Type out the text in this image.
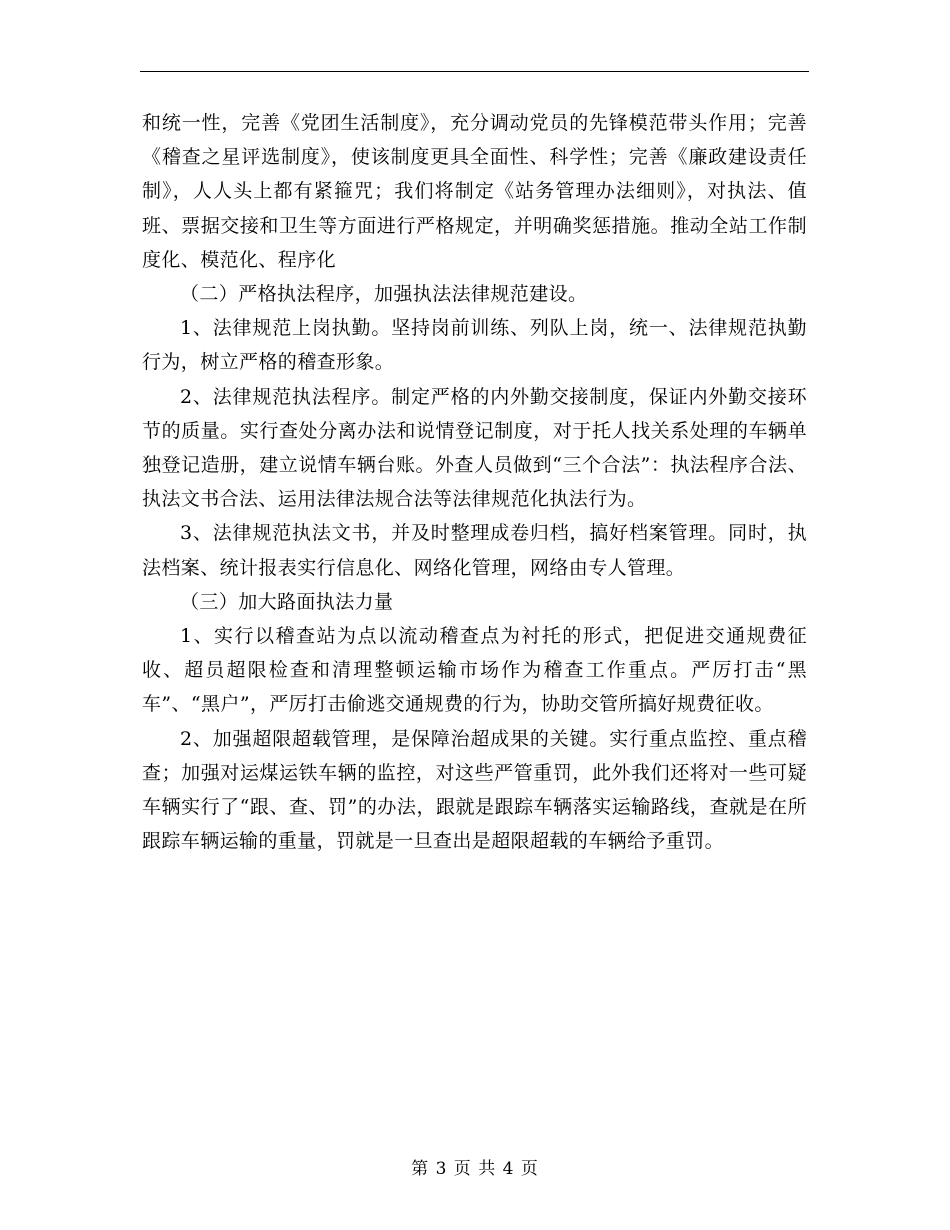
和统一性，完善《党团生活制度》，充分调动党员的先锋模范带头作用；完善《稽查之星评选制度》，使该制度更具全面性、科学性；完善《廉政建设责任制》，人人头上都有紧箍咒；我们将制定《站务管理办法细则》，对执法、值班、票据交接和卫生等方面进行严格规定，并明确奖惩措施。推动全站工作制度化、模范化、程序化

（二）严格执法程序，加强执法法律规范建设。

1、法律规范上岗执勤。坚持岗前训练、列队上岗，统一、法律规范执勤行为，树立严格的稽查形象。

2、法律规范执法程序。制定严格的内外勤交接制度，保证内外勤交接环节的质量。实行查处分离办法和说情登记制度，对于托人找关系处理的车辆单独登记造册，建立说情车辆台账。外查人员做到“三个合法”：执法程序合法、执法文书合法、运用法律法规合法等法律规范化执法行为。

3、法律规范执法文书，并及时整理成卷归档，搞好档案管理。同时，执法档案、统计报表实行信息化、网络化管理，网络由专人管理。

（三）加大路面执法力量

1、实行以稽查站为点以流动稽查点为衬托的形式，把促进交通规费征收、超员超限检查和清理整顿运输市场作为稽查工作重点。严厉打击“黑车”、“黑户”，严厉打击偷逃交通规费的行为，协助交管所搞好规费征收。

2、加强超限超载管理，是保障治超成果的关键。实行重点监控、重点稽查；加强对运煤运铁车辆的监控，对这些严管重罚，此外我们还将对一些可疑车辆实行了“跟、查、罚”的办法，跟就是跟踪车辆落实运输路线，查就是在所跟踪车辆运输的重量，罚就是一旦查出是超限超载的车辆给予重罚。

第 3 页 共 4 页
